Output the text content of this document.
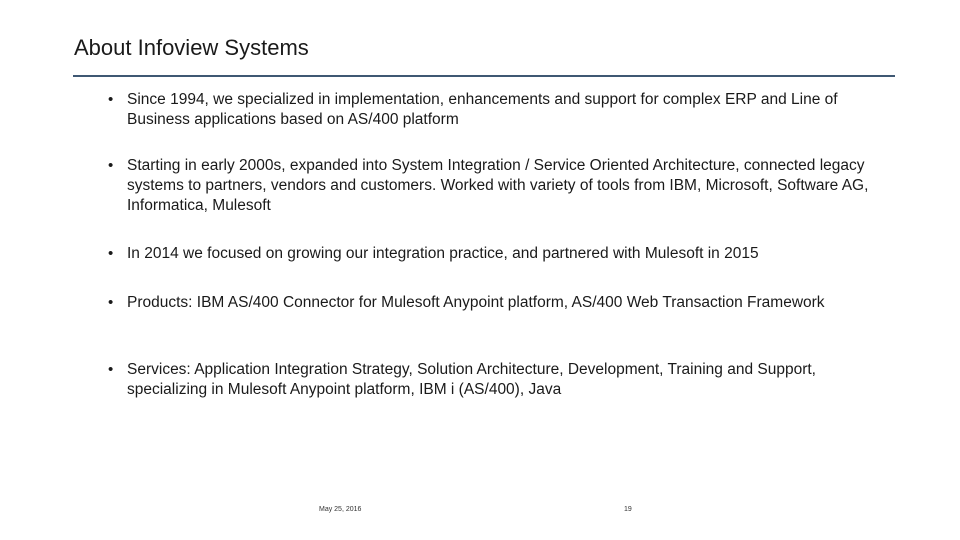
About Infoview Systems
• Since 1994, we specialized in implementation, enhancements and support for complex ERP and Line of Business applications based on AS/400 platform
• Starting in early 2000s, expanded into System Integration / Service Oriented Architecture, connected legacy systems to partners, vendors and customers. Worked with variety of tools from IBM, Microsoft, Software AG, Informatica, Mulesoft
• In 2014 we focused on growing our integration practice, and partnered with Mulesoft in 2015
• Products: IBM AS/400 Connector for Mulesoft Anypoint platform, AS/400 Web Transaction Framework
• Services: Application Integration Strategy, Solution Architecture, Development, Training and Support, specializing in Mulesoft Anypoint platform, IBM i (AS/400), Java
May 25, 2016	19
